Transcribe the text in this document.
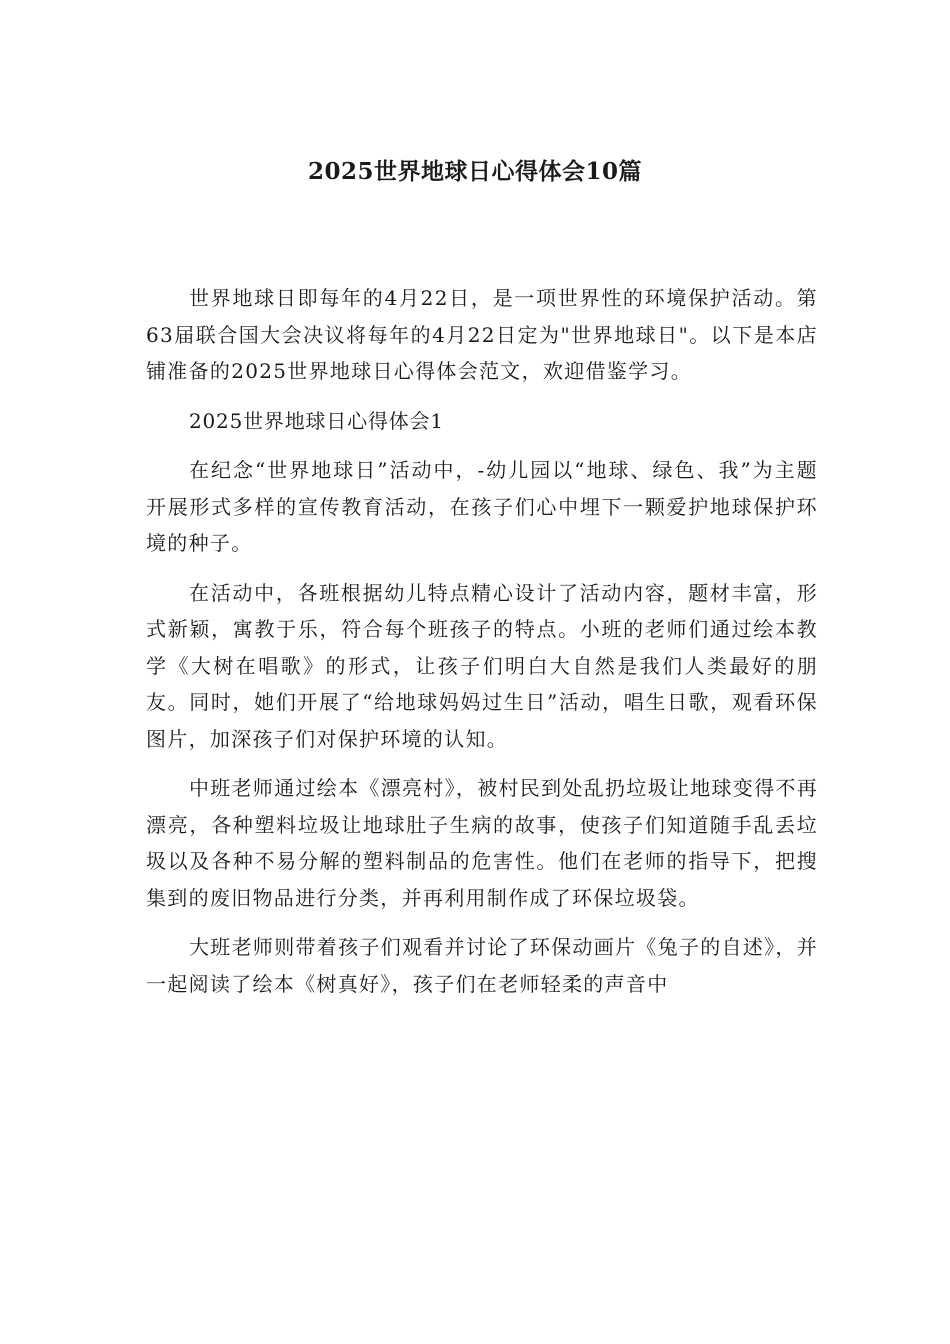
2025世界地球日心得体会10篇

世界地球日即每年的4月22日，是一项世界性的环境保护活动。第63届联合国大会决议将每年的4月22日定为"世界地球日"。以下是本店铺准备的2025世界地球日心得体会范文，欢迎借鉴学习。

2025世界地球日心得体会1

在纪念“世界地球日”活动中，-幼儿园以“地球、绿色、我”为主题开展形式多样的宣传教育活动，在孩子们心中埋下一颗爱护地球保护环境的种子。

在活动中，各班根据幼儿特点精心设计了活动内容，题材丰富，形式新颖，寓教于乐，符合每个班孩子的特点。小班的老师们通过绘本教学《大树在唱歌》的形式，让孩子们明白大自然是我们人类最好的朋友。同时，她们开展了“给地球妈妈过生日”活动，唱生日歌，观看环保图片，加深孩子们对保护环境的认知。

中班老师通过绘本《漂亮村》，被村民到处乱扔垃圾让地球变得不再漂亮，各种塑料垃圾让地球肚子生病的故事，使孩子们知道随手乱丢垃圾以及各种不易分解的塑料制品的危害性。他们在老师的指导下，把搜集到的废旧物品进行分类，并再利用制作成了环保垃圾袋。

大班老师则带着孩子们观看并讨论了环保动画片《兔子的自述》，并一起阅读了绘本《树真好》，孩子们在老师轻柔的声音中
